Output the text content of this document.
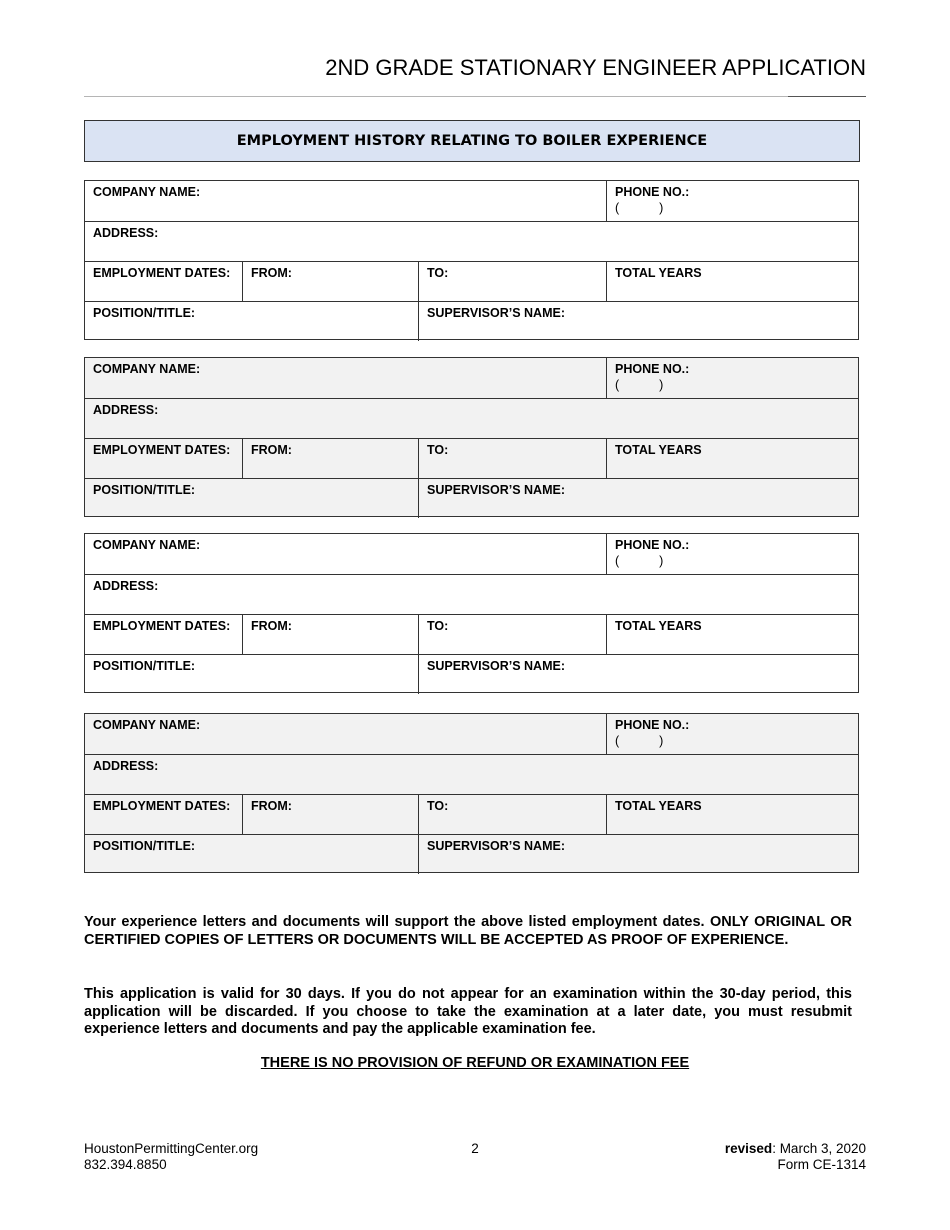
2ND GRADE STATIONARY ENGINEER APPLICATION
EMPLOYMENT HISTORY RELATING TO BOILER EXPERIENCE
COMPANY NAME:	PHONE NO.:
(	)
ADDRESS:
EMPLOYMENT DATES:	FROM:	TO:	TOTAL YEARS
POSITION/TITLE:	SUPERVISOR’S NAME:
COMPANY NAME:	PHONE NO.:
(	)
ADDRESS:
EMPLOYMENT DATES:	FROM:	TO:	TOTAL YEARS
POSITION/TITLE:	SUPERVISOR’S NAME:
COMPANY NAME:	PHONE NO.:
(	)
ADDRESS:
EMPLOYMENT DATES:	FROM:	TO:	TOTAL YEARS
POSITION/TITLE:	SUPERVISOR’S NAME:
COMPANY NAME:	PHONE NO.:
(	)
ADDRESS:
EMPLOYMENT DATES:	FROM:	TO:	TOTAL YEARS
POSITION/TITLE:	SUPERVISOR’S NAME:
Your experience letters and documents will support the above listed employment dates. ONLY ORIGINAL OR CERTIFIED COPIES OF LETTERS OR DOCUMENTS WILL BE ACCEPTED AS PROOF OF EXPERIENCE.
This application is valid for 30 days. If you do not appear for an examination within the 30-day period, this application will be discarded. If you choose to take the examination at a later date, you must resubmit experience letters and documents and pay the applicable examination fee.
THERE IS NO PROVISION OF REFUND OR EXAMINATION FEE
HoustonPermittingCenter.org
832.394.8850
2	revised: March 3, 2020
Form CE-1314
